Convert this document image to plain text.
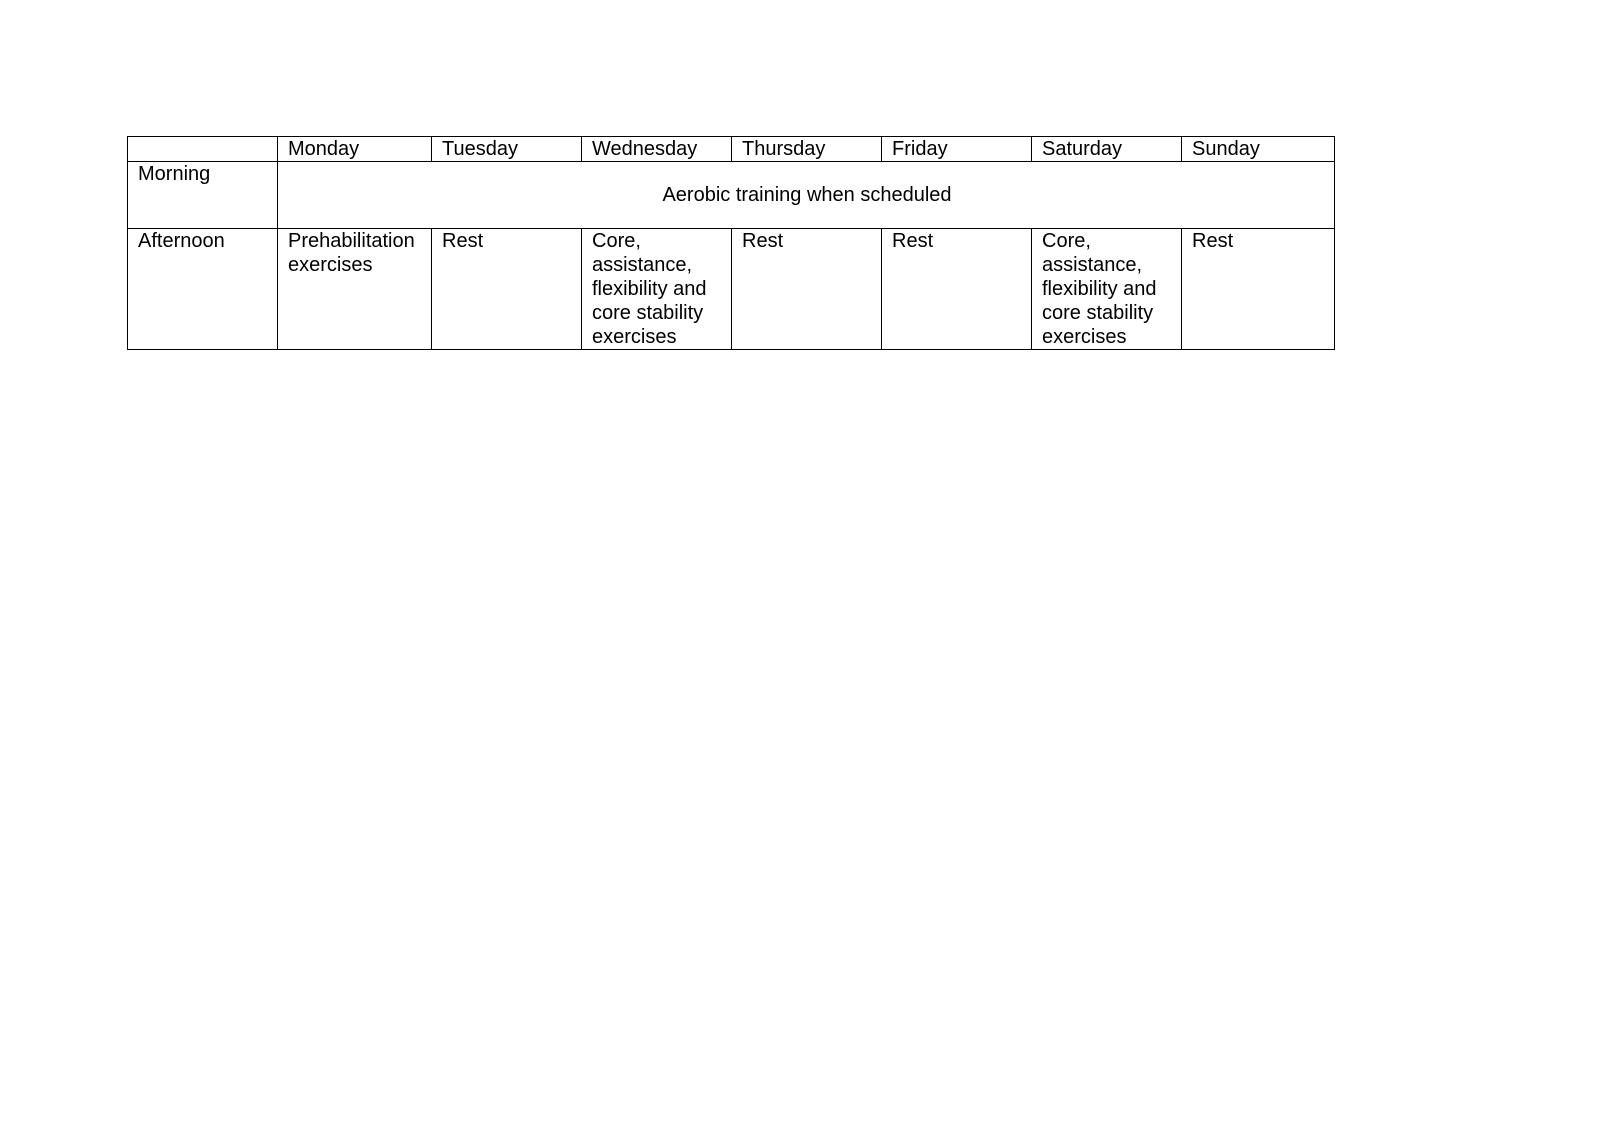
	Monday	Tuesday	Wednesday	Thursday	Friday	Saturday	Sunday
Morning	Aerobic training when scheduled						
Afternoon	Prehabilitation exercises	Rest	Core, assistance, flexibility and core stability exercises	Rest	Rest	Core, assistance, flexibility and core stability exercises	Rest
